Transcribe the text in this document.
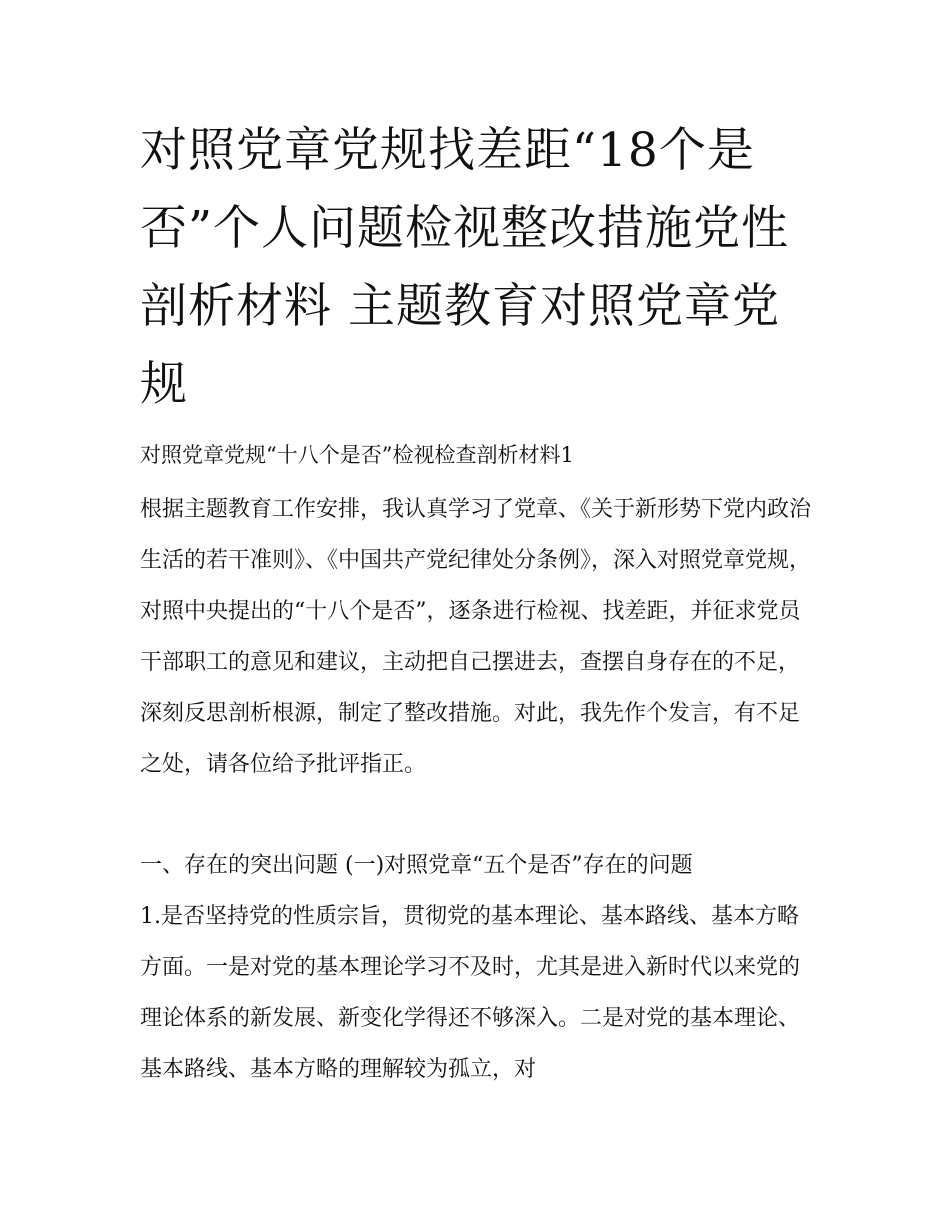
对照党章党规找差距“18个是否”个人问题检视整改措施党性剖析材料 主题教育对照党章党规

对照党章党规“十八个是否”检视检查剖析材料1

根据主题教育工作安排，我认真学习了党章、《关于新形势下党内政治生活的若干准则》、《中国共产党纪律处分条例》，深入对照党章党规，对照中央提出的“十八个是否”，逐条进行检视、找差距，并征求党员干部职工的意见和建议，主动把自己摆进去，查摆自身存在的不足，深刻反思剖析根源，制定了整改措施。对此，我先作个发言，有不足之处，请各位给予批评指正。

一、存在的突出问题 (一)对照党章“五个是否”存在的问题

1.是否坚持党的性质宗旨，贯彻党的基本理论、基本路线、基本方略方面。一是对党的基本理论学习不及时，尤其是进入新时代以来党的理论体系的新发展、新变化学得还不够深入。二是对党的基本理论、基本路线、基本方略的理解较为孤立，对
